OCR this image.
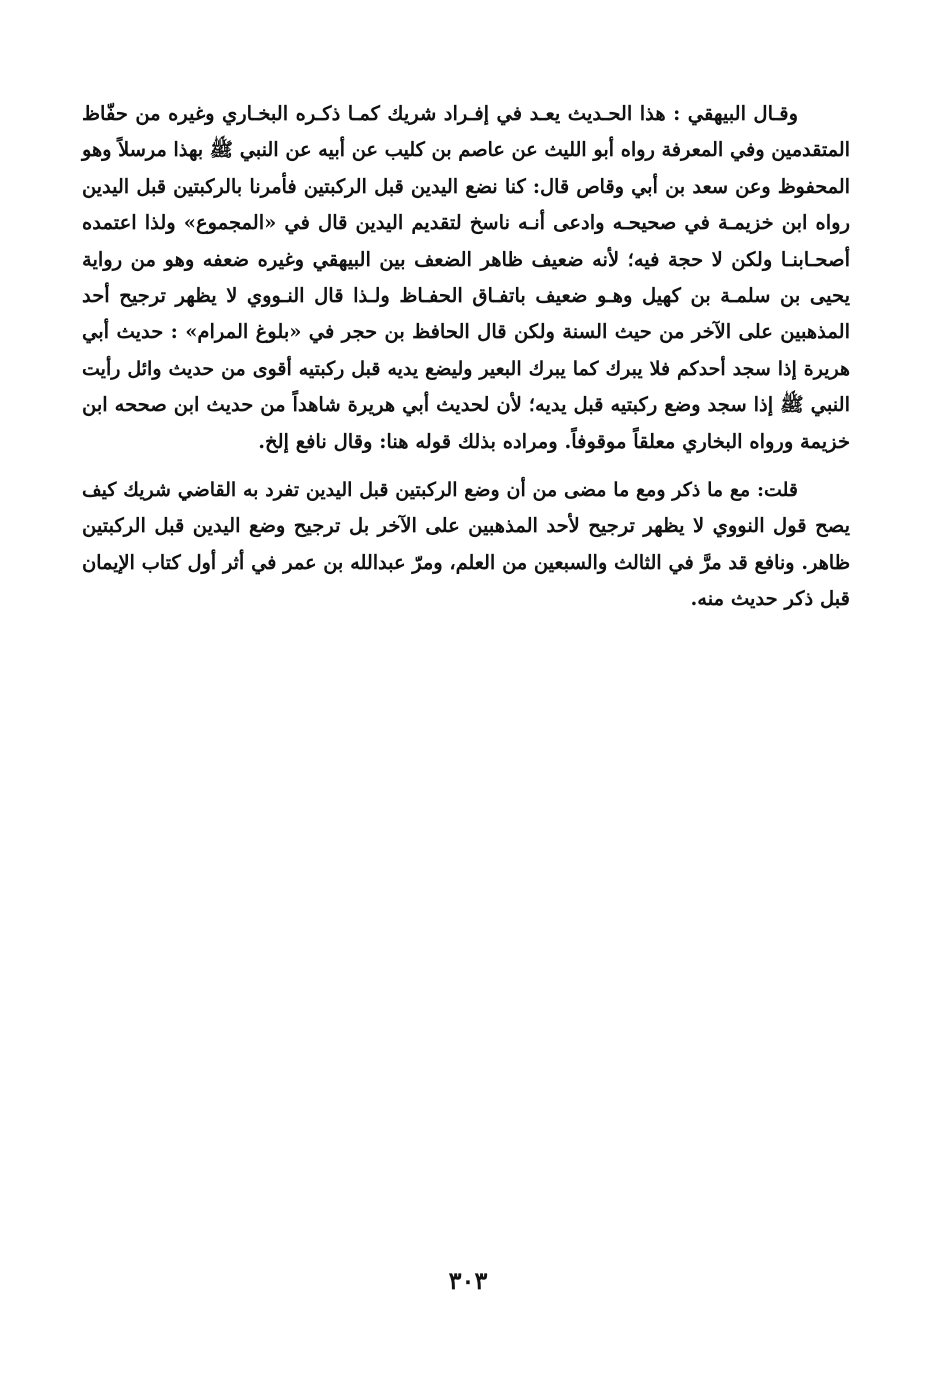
وقـال البيهقي : هذا الحـديث يعـد في إفـراد شريك كمـا ذكـره البخـاري وغيره من حفّاظ
المتقدمين وفي المعرفة رواه أبو الليث عن عاصم بن كليب عن أبيه عن النبي ﷺ بهذا مرسلاً وهو
المحفوظ وعن سعد بن أبي وقاص قال: كنا نضع اليدين قبل الركبتين فأمرنا بالركبتين قبل اليدين
رواه ابن خزيمـة في صحيحـه وادعى أنـه ناسخ لتقديم اليدين قال في «المجموع» ولذا اعتمده
أصحـابنـا ولكن لا حجة فيه؛ لأنه ضعيف ظاهر الضعف بين البيهقي وغيره ضعفه وهو من رواية
يحيى بن سلمـة بن كهيل وهـو ضعيف باتفـاق الحفـاظ ولـذا قال النـووي لا يظهر ترجيح أحد
المذهبين على الآخر من حيث السنة ولكن قال الحافظ بن حجر في «بلوغ المرام» : حديث أبي
هريرة إذا سجد أحدكم فلا يبرك كما يبرك البعير وليضع يديه قبل ركبتيه أقوى من حديث وائل رأيت
النبي ﷺ إذا سجد وضع ركبتيه قبل يديه؛ لأن لحديث أبي هريرة شاهداً من حديث ابن صححه ابن
خزيمة ورواه البخاري معلقاً موقوفاً. ومراده بذلك قوله هنا: وقال نافع إلخ.
قلت: مع ما ذكر ومع ما مضى من أن وضع الركبتين قبل اليدين تفرد به القاضي شريك كيف
يصح قول النووي لا يظهر ترجيح لأحد المذهبين على الآخر بل ترجيح وضع اليدين قبل الركبتين
ظاهر. ونافع قد مرَّ في الثالث والسبعين من العلم، ومرّ عبدالله بن عمر في أثر أول كتاب الإيمان
قبل ذكر حديث منه.
٣٠٣
